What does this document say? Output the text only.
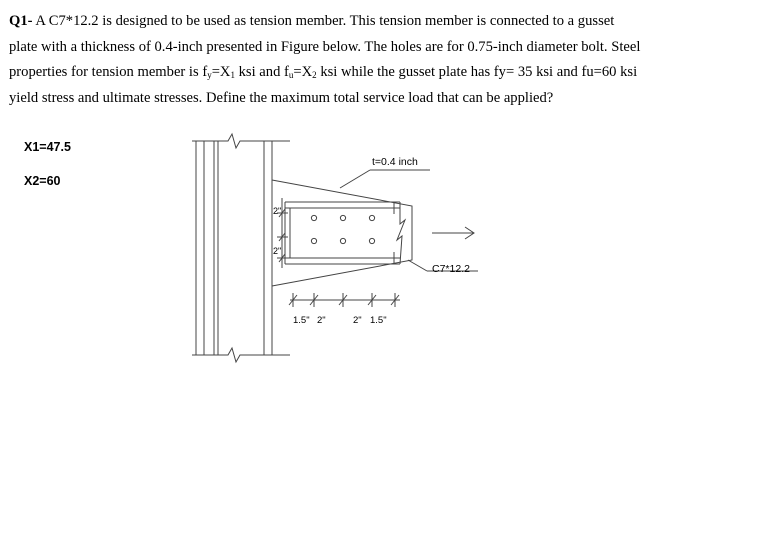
Q1- A C7*12.2 is designed to be used as tension member. This tension member is connected to a gusset
plate with a thickness of 0.4-inch presented in Figure below. The holes are for 0.75-inch diameter bolt. Steel
properties for tension member is $f_y=X_1$ ksi and $f_u=X_2$ ksi while the gusset plate has fy= 35 ksi and fu=60 ksi
yield stress and ultimate stresses. Define the maximum total service load that can be applied?
X1=47.5
X2=60
t=0.4 inch
C7*12.2
2"
2"
1.5" 2"	2" 1.5"
